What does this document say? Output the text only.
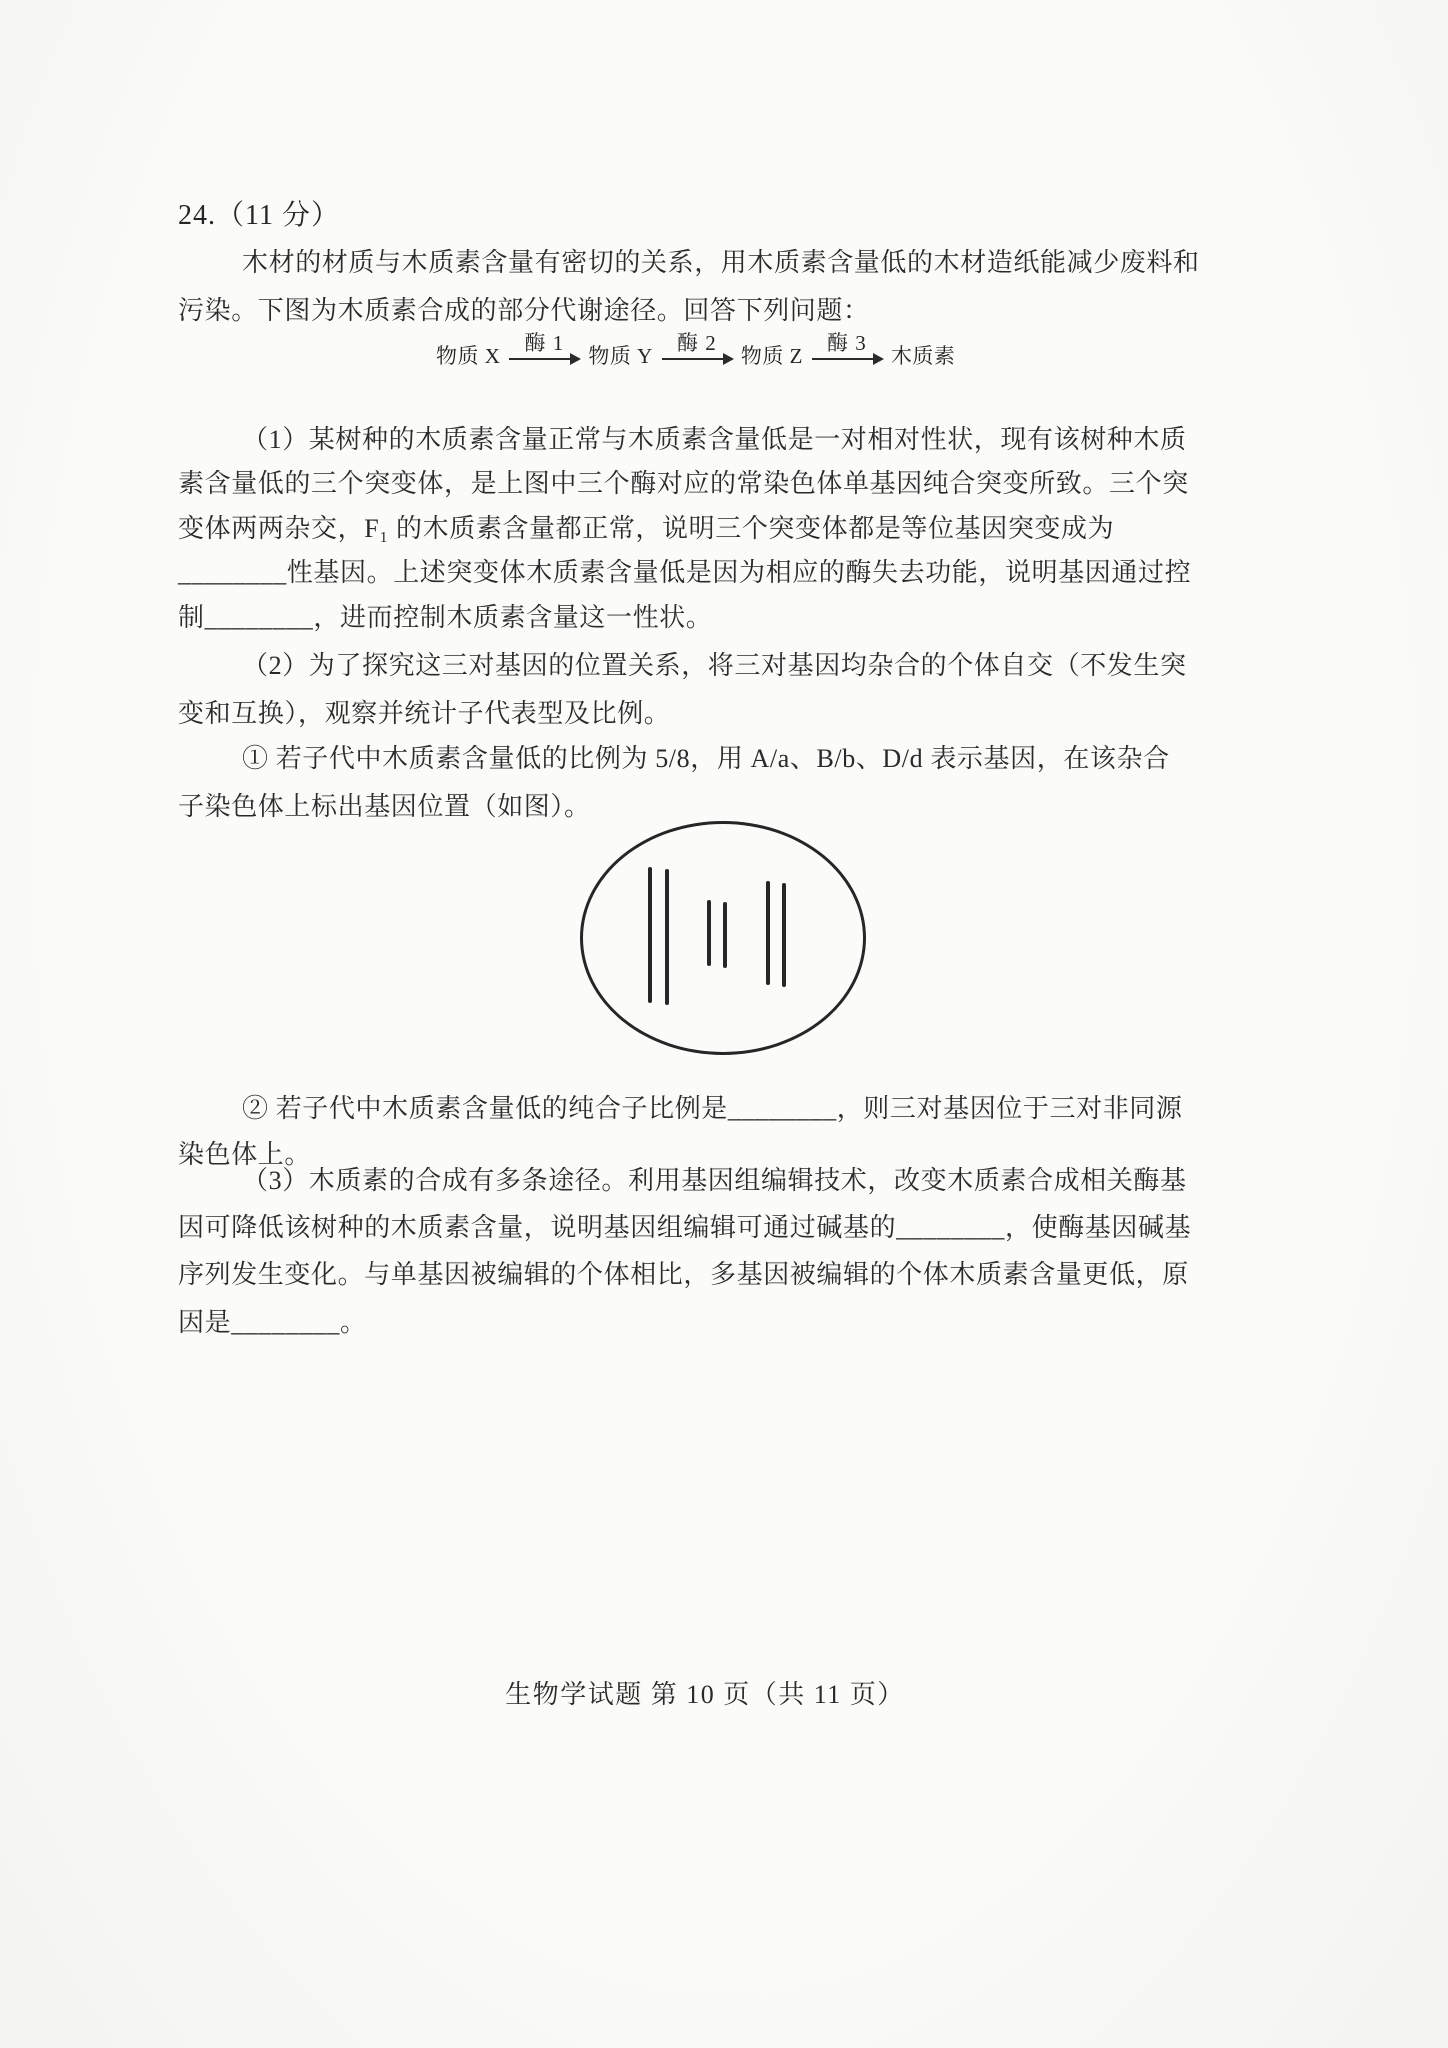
24.（11 分）
木材的材质与木质素含量有密切的关系，用木质素含量低的木材造纸能减少废料和
污染。下图为木质素合成的部分代谢途径。回答下列问题：
物质 X
酶 1
物质 Y
酶 2
物质 Z
酶 3
木质素
（1）某树种的木质素含量正常与木质素含量低是一对相对性状，现有该树种木质
素含量低的三个突变体，是上图中三个酶对应的常染色体单基因纯合突变所致。三个突
变体两两杂交，F₁ 的木质素含量都正常，说明三个突变体都是等位基因突变成为
________性基因。上述突变体木质素含量低是因为相应的酶失去功能，说明基因通过控
制________，进而控制木质素含量这一性状。
（2）为了探究这三对基因的位置关系，将三对基因均杂合的个体自交（不发生突
变和互换），观察并统计子代表型及比例。
① 若子代中木质素含量低的比例为 5/8，用 A/a、B/b、D/d 表示基因，在该杂合
子染色体上标出基因位置（如图）。
② 若子代中木质素含量低的纯合子比例是________，则三对基因位于三对非同源
染色体上。
（3）木质素的合成有多条途径。利用基因组编辑技术，改变木质素合成相关酶基
因可降低该树种的木质素含量，说明基因组编辑可通过碱基的________，使酶基因碱基
序列发生变化。与单基因被编辑的个体相比，多基因被编辑的个体木质素含量更低，原
因是________。
生物学试题 第 10 页（共 11 页）
